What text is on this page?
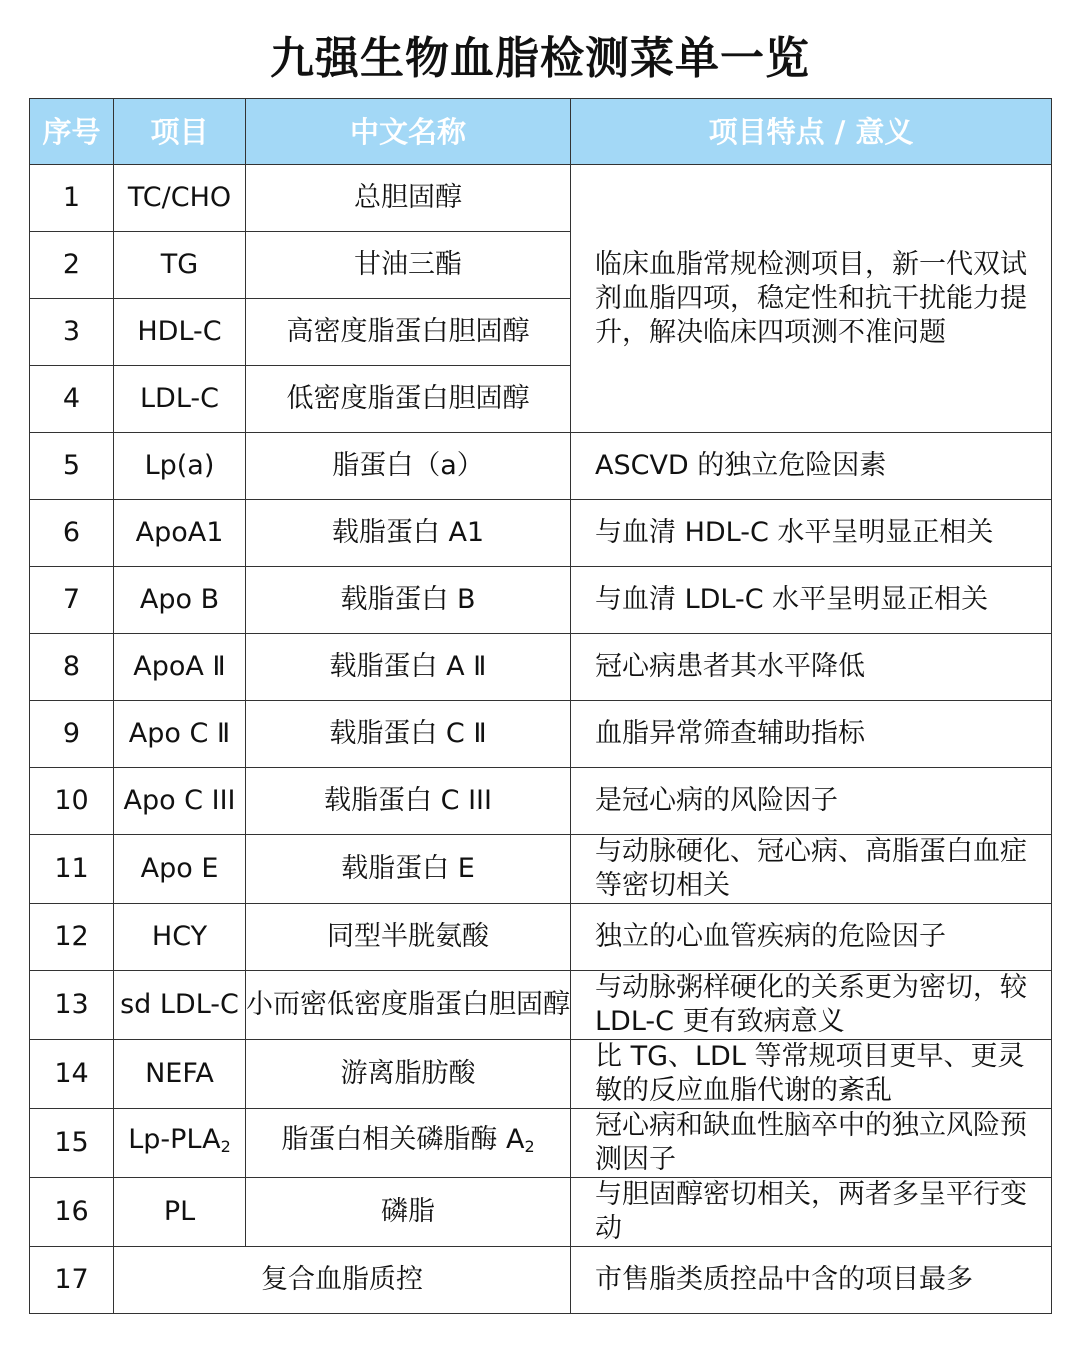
九强生物血脂检测菜单一览
序号	项目	中文名称	项目特点 / 意义
1	TC/CHO	总胆固醇	临床血脂常规检测项目，新一代双试剂血脂四项，稳定性和抗干扰能力提升，解决临床四项测不准问题
2	TG	甘油三酯	
3	HDL-C	高密度脂蛋白胆固醇	
4	LDL-C	低密度脂蛋白胆固醇	
5	Lp(a)	脂蛋白（a）	ASCVD 的独立危险因素
6	ApoA1	载脂蛋白 A1	与血清 HDL-C 水平呈明显正相关
7	Apo B	载脂蛋白 B	与血清 LDL-C 水平呈明显正相关
8	ApoA Ⅱ	载脂蛋白 A Ⅱ	冠心病患者其水平降低
9	Apo C Ⅱ	载脂蛋白 C Ⅱ	血脂异常筛查辅助指标
10	Apo C III	载脂蛋白 C III	是冠心病的风险因子
11	Apo E	载脂蛋白 E	与动脉硬化、冠心病、高脂蛋白血症等密切相关
12	HCY	同型半胱氨酸	独立的心血管疾病的危险因子
13	sd LDL-C	小而密低密度脂蛋白胆固醇	与动脉粥样硬化的关系更为密切，较 LDL-C 更有致病意义
14	NEFA	游离脂肪酸	比 TG、LDL 等常规项目更早、更灵敏的反应血脂代谢的紊乱
15	$Lp-PLA_2$	脂蛋白相关磷脂酶 $A_2$	冠心病和缺血性脑卒中的独立风险预测因子
16	PL	磷脂	与胆固醇密切相关，两者多呈平行变动
17	复合血脂质控		市售脂类质控品中含的项目最多
